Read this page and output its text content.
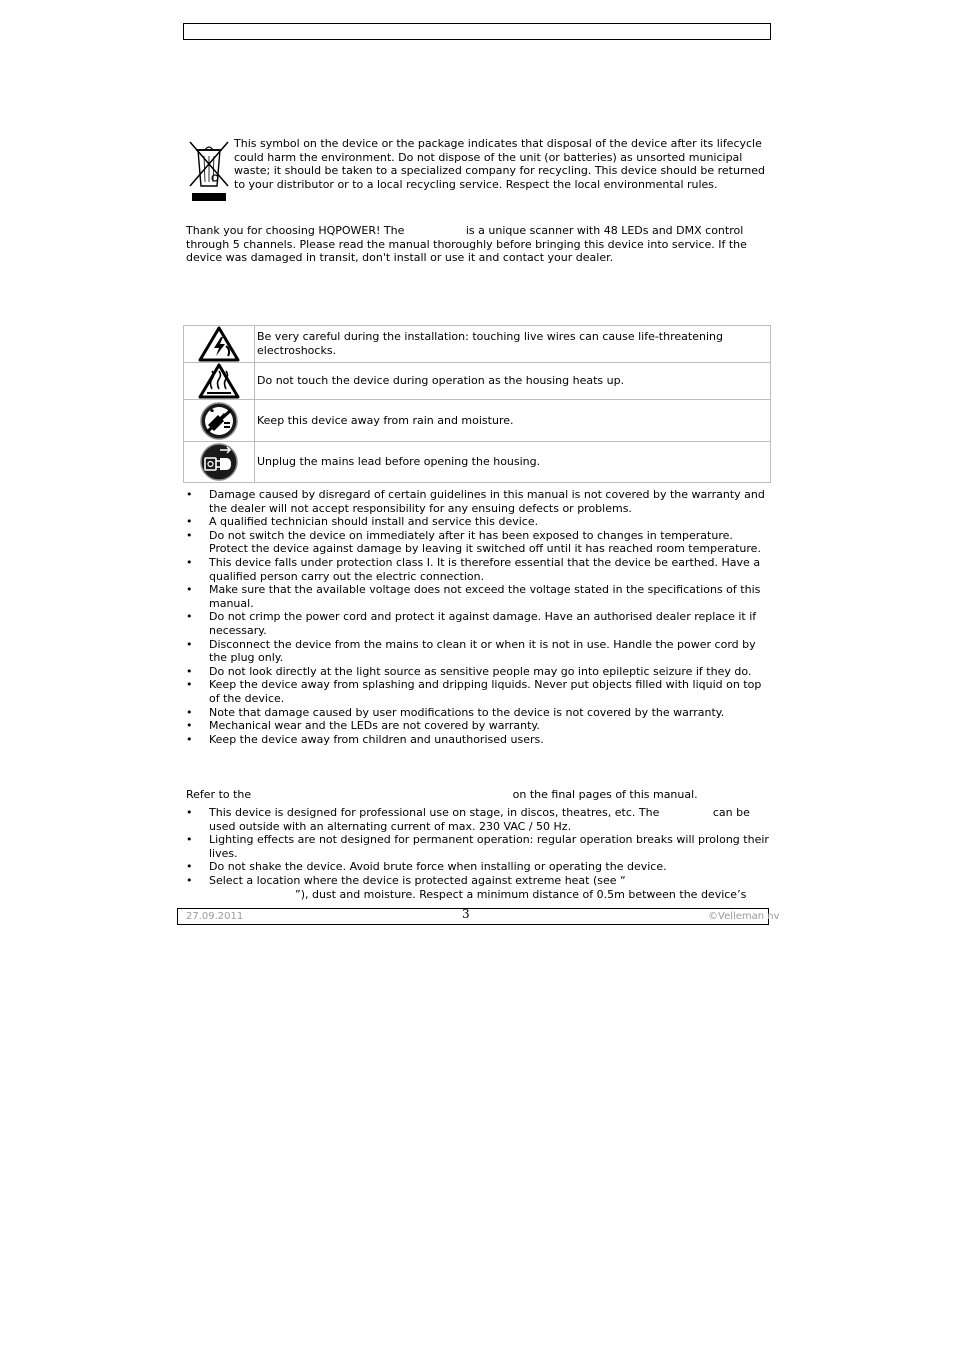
This symbol on the device or the package indicates that disposal of the device after its lifecycle could harm the environment. Do not dispose of the unit (or batteries) as unsorted municipal waste; it should be taken to a specialized company for recycling. This device should be returned to your distributor or to a local recycling service. Respect the local environmental rules.

Thank you for choosing HQPOWER! The	is a unique scanner with 48 LEDs and DMX control through 5 channels. Please read the manual thoroughly before bringing this device into service. If the device was damaged in transit, don't install or use it and contact your dealer.

	Be very careful during the installation: touching live wires can cause life-threatening electroshocks.

	Do not touch the device during operation as the housing heats up.

	Keep this device away from rain and moisture.

	Unplug the mains lead before opening the housing.
• Damage caused by disregard of certain guidelines in this manual is not covered by the warranty and the dealer will not accept responsibility for any ensuing defects or problems.
• A qualified technician should install and service this device.
• Do not switch the device on immediately after it has been exposed to changes in temperature. Protect the device against damage by leaving it switched off until it has reached room temperature.
• This device falls under protection class I. It is therefore essential that the device be earthed. Have a qualified person carry out the electric connection.
• Make sure that the available voltage does not exceed the voltage stated in the specifications of this manual.
• Do not crimp the power cord and protect it against damage. Have an authorised dealer replace it if necessary.
• Disconnect the device from the mains to clean it or when it is not in use. Handle the power cord by the plug only.
• Do not look directly at the light source as sensitive people may go into epileptic seizure if they do.
• Keep the device away from splashing and dripping liquids. Never put objects filled with liquid on top of the device.
• Note that damage caused by user modifications to the device is not covered by the warranty.
• Mechanical wear and the LEDs are not covered by warranty.
• Keep the device away from children and unauthorised users.

Refer to the	on the final pages of this manual.

• This device is designed for professional use on stage, in discos, theatres, etc. The	can be used outside with an alternating current of max. 230 VAC / 50 Hz.
• Lighting effects are not designed for permanent operation: regular operation breaks will prolong their lives.
• Do not shake the device. Avoid brute force when installing or operating the device.
• Select a location where the device is protected against extreme heat (see “
”), dust and moisture. Respect a minimum distance of 0.5m between the device’s
27.09.2011	3	©Velleman nv
